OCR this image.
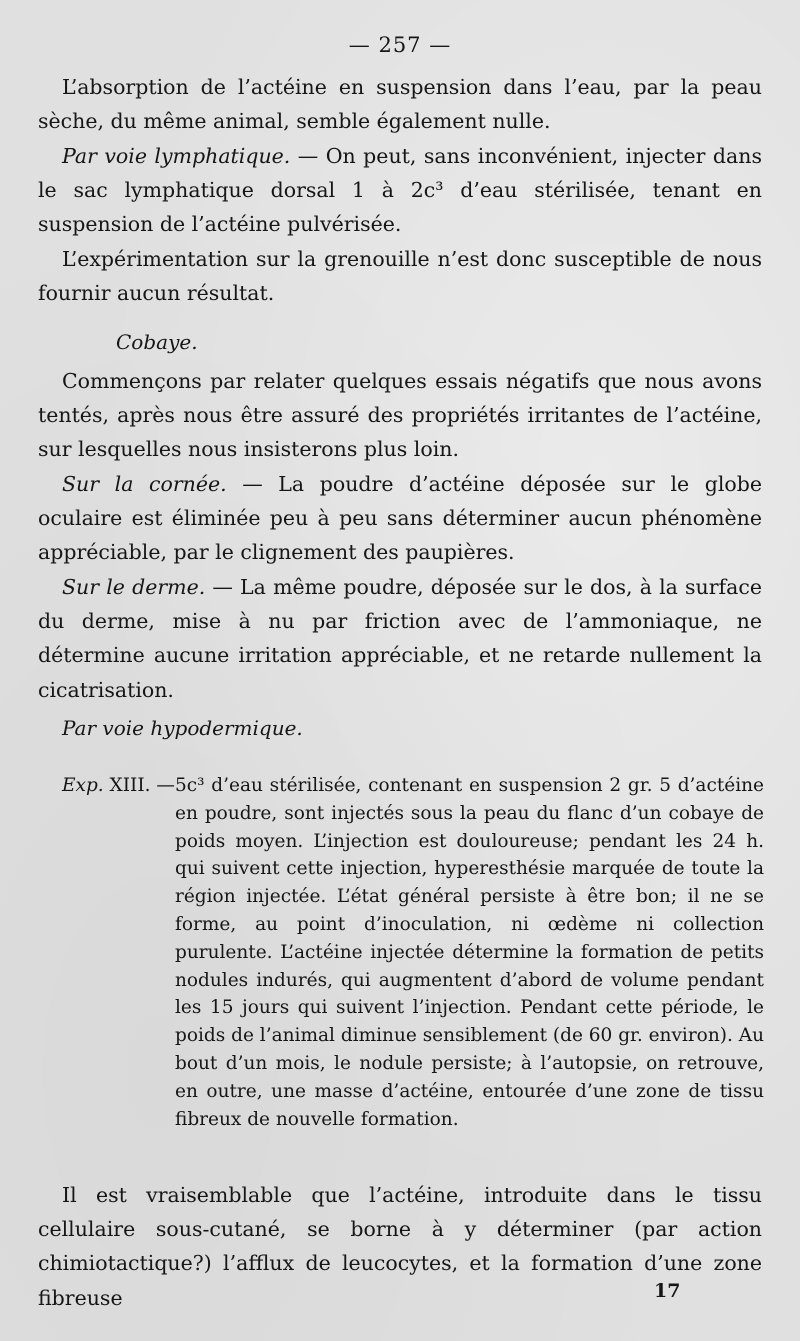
— 257 —

L’absorption de l’actéine en suspension dans l’eau, par la peau sèche, du même animal, semble également nulle.

Par voie lymphatique. — On peut, sans inconvénient, injecter dans le sac lymphatique dorsal 1 à 2c³ d’eau stérilisée, tenant en suspension de l’actéine pulvérisée.

L’expérimentation sur la grenouille n’est donc susceptible de nous fournir aucun résultat.

Cobaye.

Commençons par relater quelques essais négatifs que nous avons tentés, après nous être assuré des propriétés irritantes de l’actéine, sur lesquelles nous insisterons plus loin.

Sur la cornée. — La poudre d’actéine déposée sur le globe oculaire est éliminée peu à peu sans déterminer aucun phénomène appréciable, par le clignement des paupières.

Sur le derme. — La même poudre, déposée sur le dos, à la surface du derme, mise à nu par friction avec de l’ammoniaque, ne détermine aucune irritation appréciable, et ne retarde nullement la cicatrisation.

Par voie hypodermique.
Exp. XIII. — 5c³ d’eau stérilisée, contenant en suspension 2 gr. 5 d’actéine en poudre, sont injectés sous la peau du flanc d’un cobaye de poids moyen. L’injection est douloureuse; pendant les 24 h. qui suivent cette injection, hyperesthésie marquée de toute la région injectée. L’état général persiste à être bon; il ne se forme, au point d’inoculation, ni œdème ni collection purulente. L’actéine injectée détermine la formation de petits nodules indurés, qui augmentent d’abord de volume pendant les 15 jours qui suivent l’injection. Pendant cette période, le poids de l’animal diminue sensiblement (de 60 gr. environ). Au bout d’un mois, le nodule persiste; à l’autopsie, on retrouve, en outre, une masse d’actéine, entourée d’une zone de tissu fibreux de nouvelle formation.

Il est vraisemblable que l’actéine, introduite dans le tissu cellulaire sous-cutané, se borne à y déterminer (par action chimiotactique?) l’afflux de leucocytes, et la formation d’une zone fibreuse	17
